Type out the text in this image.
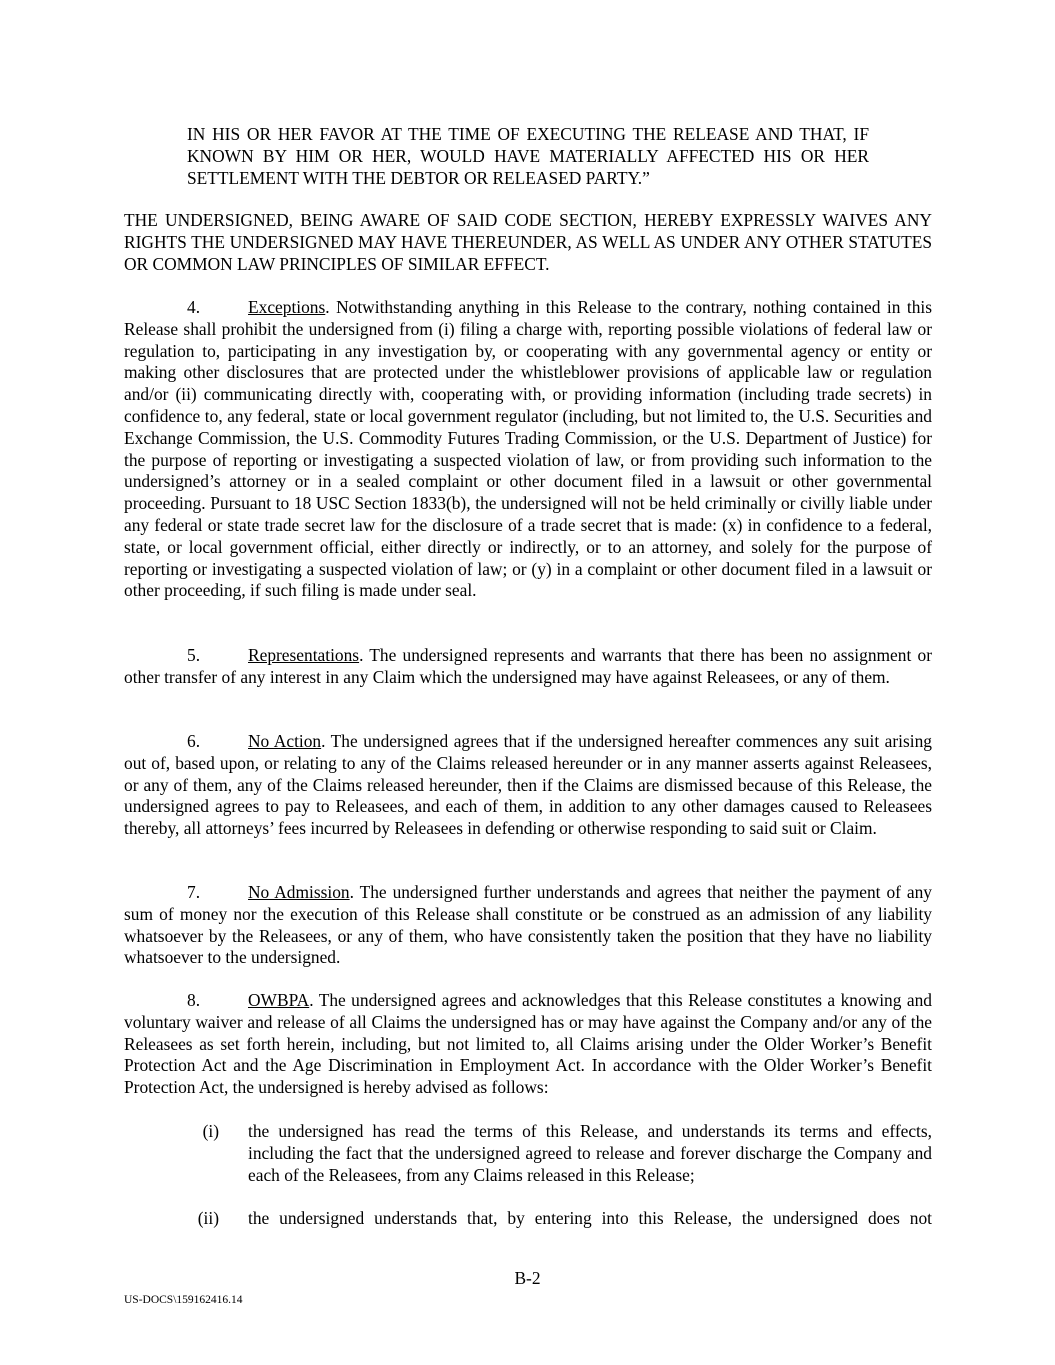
IN HIS OR HER FAVOR AT THE TIME OF EXECUTING THE RELEASE AND THAT, IF KNOWN BY HIM OR HER, WOULD HAVE MATERIALLY AFFECTED HIS OR HER SETTLEMENT WITH THE DEBTOR OR RELEASED PARTY.”
THE UNDERSIGNED, BEING AWARE OF SAID CODE SECTION, HEREBY EXPRESSLY WAIVES ANY RIGHTS THE UNDERSIGNED MAY HAVE THEREUNDER, AS WELL AS UNDER ANY OTHER STATUTES OR COMMON LAW PRINCIPLES OF SIMILAR EFFECT.
4.	Exceptions. Notwithstanding anything in this Release to the contrary, nothing contained in this Release shall prohibit the undersigned from (i) filing a charge with, reporting possible violations of federal law or regulation to, participating in any investigation by, or cooperating with any governmental agency or entity or making other disclosures that are protected under the whistleblower provisions of applicable law or regulation and/or (ii) communicating directly with, cooperating with, or providing information (including trade secrets) in confidence to, any federal, state or local government regulator (including, but not limited to, the U.S. Securities and Exchange Commission, the U.S. Commodity Futures Trading Commission, or the U.S. Department of Justice) for the purpose of reporting or investigating a suspected violation of law, or from providing such information to the undersigned’s attorney or in a sealed complaint or other document filed in a lawsuit or other governmental proceeding. Pursuant to 18 USC Section 1833(b), the undersigned will not be held criminally or civilly liable under any federal or state trade secret law for the disclosure of a trade secret that is made: (x) in confidence to a federal, state, or local government official, either directly or indirectly, or to an attorney, and solely for the purpose of reporting or investigating a suspected violation of law; or (y) in a complaint or other document filed in a lawsuit or other proceeding, if such filing is made under seal.
5.	Representations. The undersigned represents and warrants that there has been no assignment or other transfer of any interest in any Claim which the undersigned may have against Releasees, or any of them.
6.	No Action. The undersigned agrees that if the undersigned hereafter commences any suit arising out of, based upon, or relating to any of the Claims released hereunder or in any manner asserts against Releasees, or any of them, any of the Claims released hereunder, then if the Claims are dismissed because of this Release, the undersigned agrees to pay to Releasees, and each of them, in addition to any other damages caused to Releasees thereby, all attorneys’ fees incurred by Releasees in defending or otherwise responding to said suit or Claim.
7.	No Admission. The undersigned further understands and agrees that neither the payment of any sum of money nor the execution of this Release shall constitute or be construed as an admission of any liability whatsoever by the Releasees, or any of them, who have consistently taken the position that they have no liability whatsoever to the undersigned.
8.	OWBPA. The undersigned agrees and acknowledges that this Release constitutes a knowing and voluntary waiver and release of all Claims the undersigned has or may have against the Company and/or any of the Releasees as set forth herein, including, but not limited to, all Claims arising under the Older Worker’s Benefit Protection Act and the Age Discrimination in Employment Act. In accordance with the Older Worker’s Benefit Protection Act, the undersigned is hereby advised as follows:
(i) the undersigned has read the terms of this Release, and understands its terms and effects, including the fact that the undersigned agreed to release and forever discharge the Company and each of the Releasees, from any Claims released in this Release;
(ii) the undersigned understands that, by entering into this Release, the undersigned does not
B-2
US-DOCS\159162416.14
